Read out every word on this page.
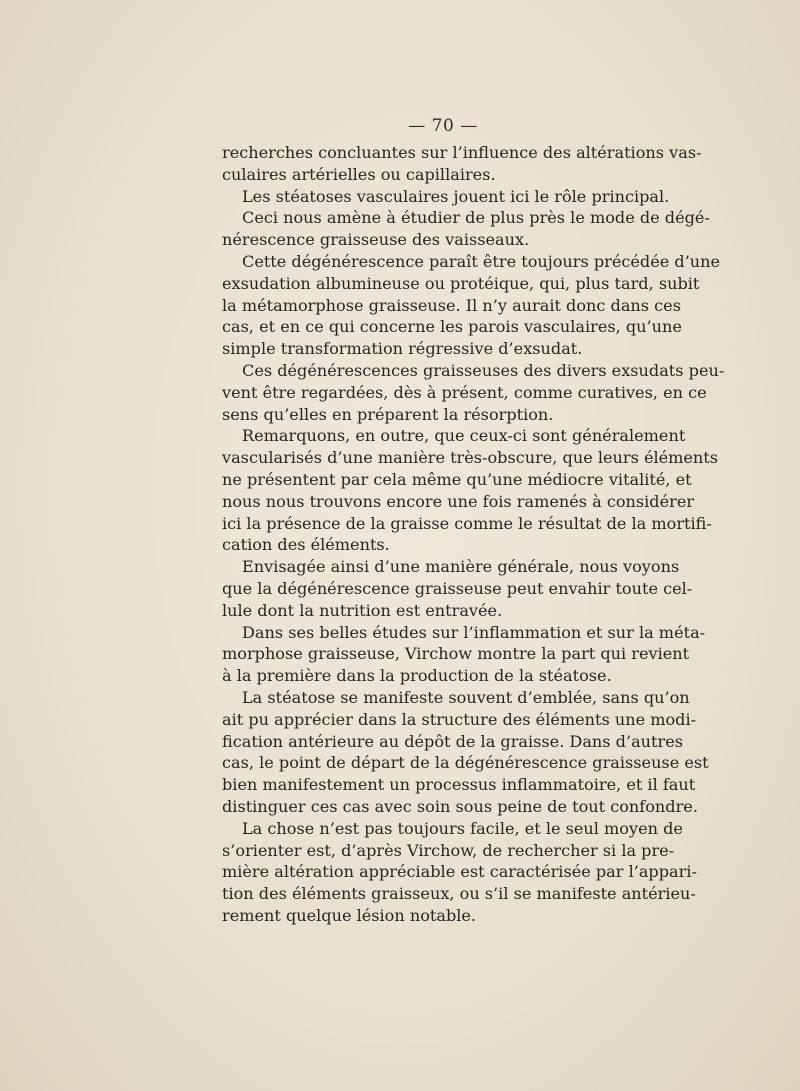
— 70 —
recherches concluantes sur l’influence des altérations vas-
culaires artérielles ou capillaires.
Les stéatoses vasculaires jouent ici le rôle principal.
Ceci nous amène à étudier de plus près le mode de dégé-
nérescence graisseuse des vaisseaux.
Cette dégénérescence paraît être toujours précédée d’une
exsudation albumineuse ou protéique, qui, plus tard, subit
la métamorphose graisseuse. Il n’y aurait donc dans ces
cas, et en ce qui concerne les parois vasculaires, qu’une
simple transformation régressive d’exsudat.
Ces dégénérescences graisseuses des divers exsudats peu-
vent être regardées, dès à présent, comme curatives, en ce
sens qu’elles en préparent la résorption.
Remarquons, en outre, que ceux-ci sont généralement
vascularisés d’une manière très-obscure, que leurs éléments
ne présentent par cela même qu’une médiocre vitalité, et
nous nous trouvons encore une fois ramenés à considérer
ici la présence de la graisse comme le résultat de la mortifi-
cation des éléments.
Envisagée ainsi d’une manière générale, nous voyons
que la dégénérescence graisseuse peut envahir toute cel-
lule dont la nutrition est entravée.
Dans ses belles études sur l’inflammation et sur la méta-
morphose graisseuse, Virchow montre la part qui revient
à la première dans la production de la stéatose.
La stéatose se manifeste souvent d’emblée, sans qu’on
ait pu apprécier dans la structure des éléments une modi-
fication antérieure au dépôt de la graisse. Dans d’autres
cas, le point de départ de la dégénérescence graisseuse est
bien manifestement un processus inflammatoire, et il faut
distinguer ces cas avec soin sous peine de tout confondre.
La chose n’est pas toujours facile, et le seul moyen de
s’orienter est, d’après Virchow, de rechercher si la pre-
mière altération appréciable est caractérisée par l’appari-
tion des éléments graisseux, ou s’il se manifeste antérieu-
rement quelque lésion notable.
